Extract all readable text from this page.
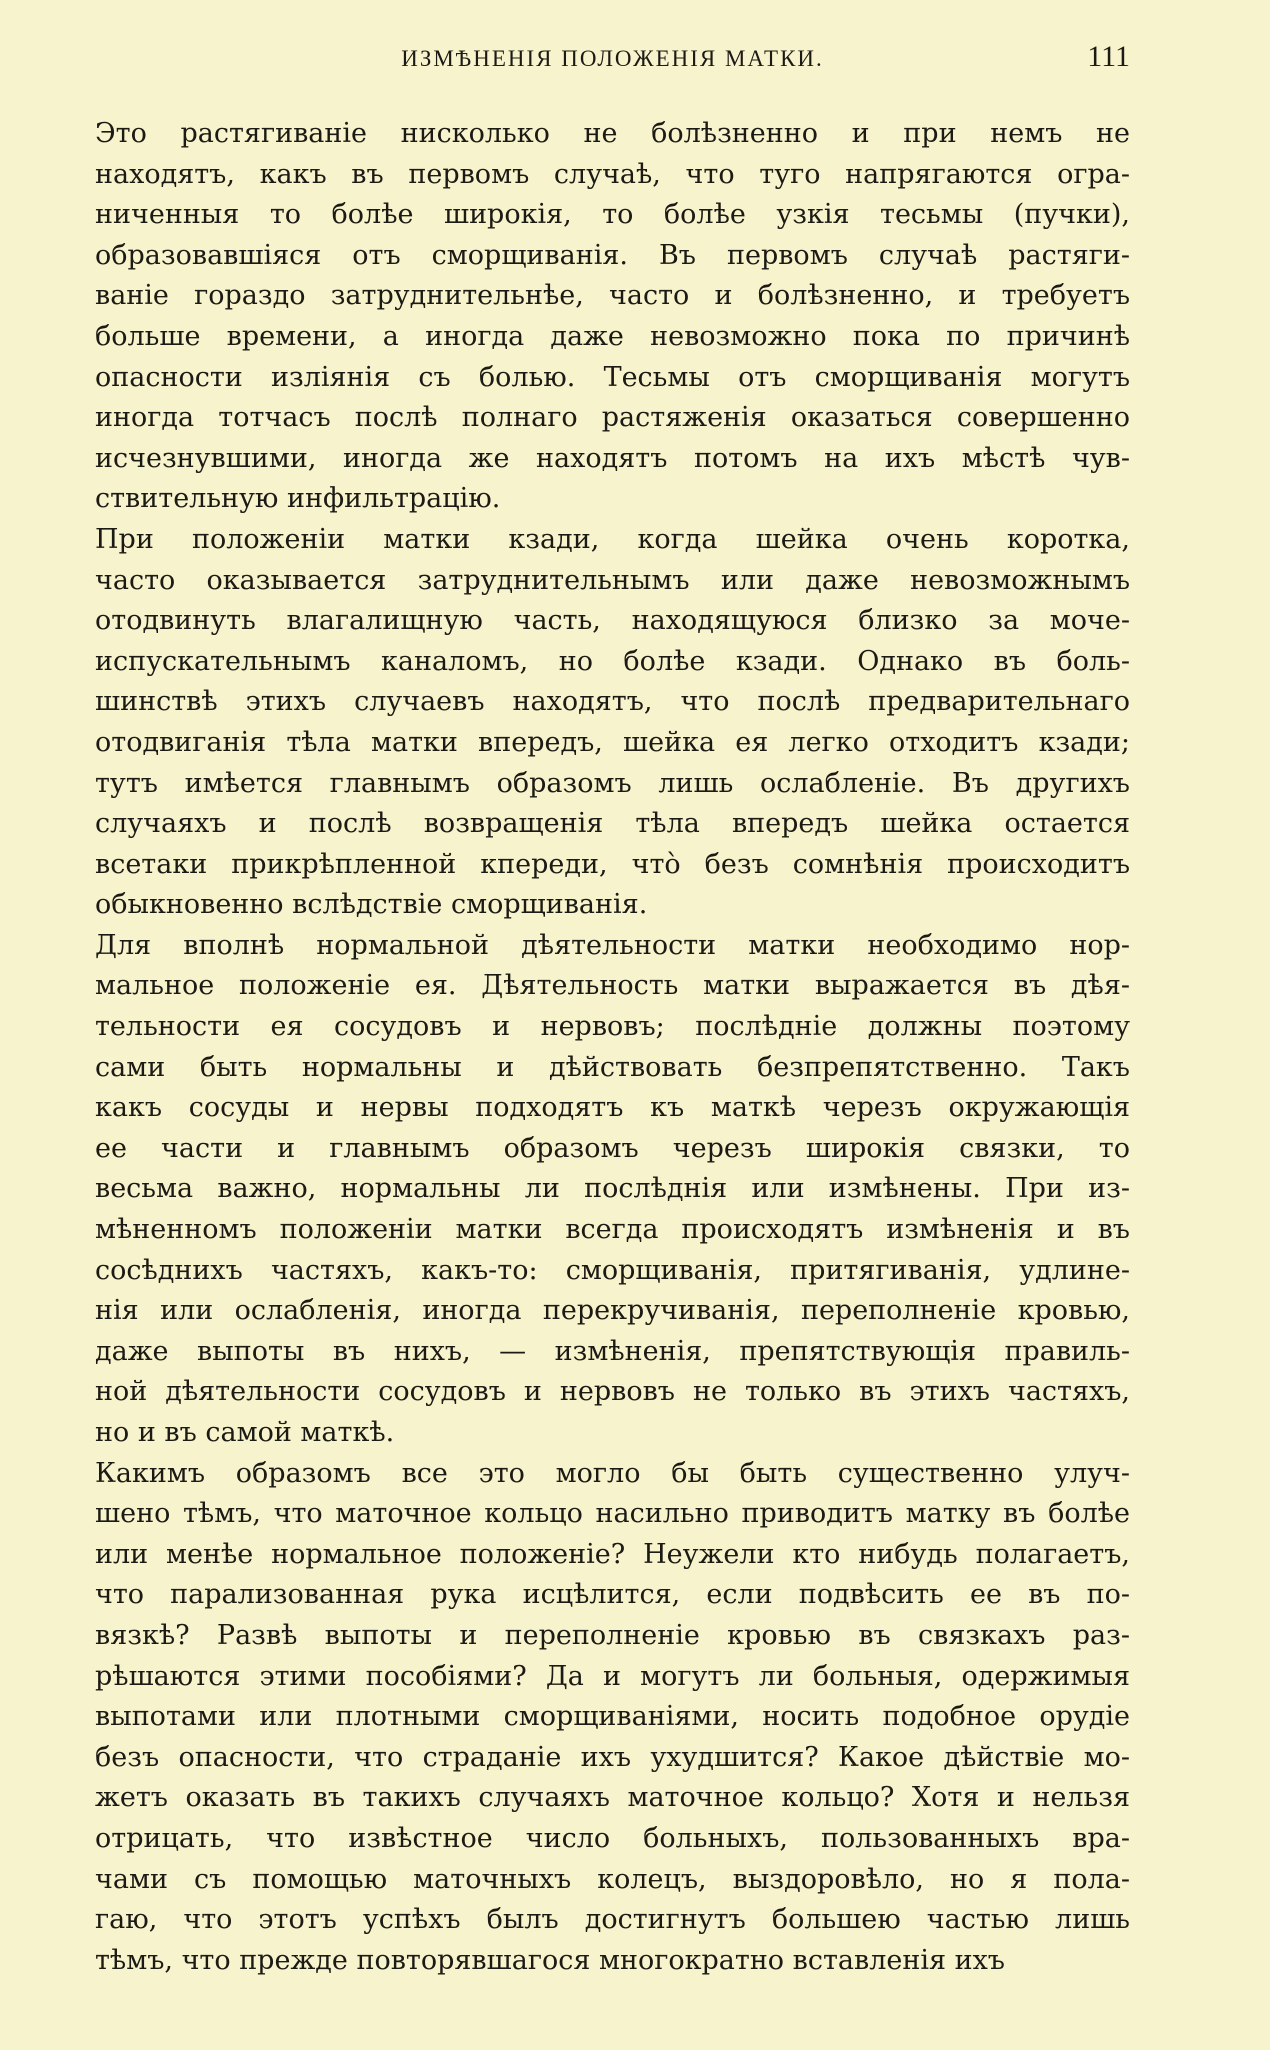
ИЗМѢНЕНІЯ ПОЛОЖЕНІЯ МАТКИ.	111
Это растягиваніе нисколько не болѣзненно и при немъ не
находятъ, какъ въ первомъ случаѣ, что туго напрягаются огра-
ниченныя то болѣе широкія, то болѣе узкія тесьмы (пучки),
образовавшіяся отъ сморщиванія. Въ первомъ случаѣ растяги-
ваніе гораздо затруднительнѣе, часто и болѣзненно, и требуетъ
больше времени, а иногда даже невозможно пока по причинѣ
опасности изліянія съ болью. Тесьмы отъ сморщиванія могутъ
иногда тотчасъ послѣ полнаго растяженія оказаться совершенно
исчезнувшими, иногда же находятъ потомъ на ихъ мѣстѣ чув-
ствительную инфильтрацію.
При положеніи матки кзади, когда шейка очень коротка,
часто оказывается затруднительнымъ или даже невозможнымъ
отодвинуть влагалищную часть, находящуюся близко за моче-
испускательнымъ каналомъ, но болѣе кзади. Однако въ боль-
шинствѣ этихъ случаевъ находятъ, что послѣ предварительнаго
отодвиганія тѣла матки впередъ, шейка ея легко отходитъ кзади;
тутъ имѣется главнымъ образомъ лишь ослабленіе. Въ другихъ
случаяхъ и послѣ возвращенія тѣла впередъ шейка остается
всетаки прикрѣпленной кпереди, что̀ безъ сомнѣнія происходитъ
обыкновенно вслѣдствіе сморщиванія.
Для вполнѣ нормальной дѣятельности матки необходимо нор-
мальное положеніе ея. Дѣятельность матки выражается въ дѣя-
тельности ея сосудовъ и нервовъ; послѣдніе должны поэтому
сами быть нормальны и дѣйствовать безпрепятственно. Такъ
какъ сосуды и нервы подходятъ къ маткѣ черезъ окружающія
ее части и главнымъ образомъ черезъ широкія связки, то
весьма важно, нормальны ли послѣднія или измѣнены. При из-
мѣненномъ положеніи матки всегда происходятъ измѣненія и въ
сосѣднихъ частяхъ, какъ-то: сморщиванія, притягиванія, удлине-
нія или ослабленія, иногда перекручиванія, переполненіе кровью,
даже выпоты въ нихъ, — измѣненія, препятствующія правиль-
ной дѣятельности сосудовъ и нервовъ не только въ этихъ частяхъ,
но и въ самой маткѣ.
Какимъ образомъ все это могло бы быть существенно улуч-
шено тѣмъ, что маточное кольцо насильно приводитъ матку въ болѣе
или менѣе нормальное положеніе? Неужели кто нибудь полагаетъ,
что парализованная рука исцѣлится, если подвѣсить ее въ по-
вязкѣ? Развѣ выпоты и переполненіе кровью въ связкахъ раз-
рѣшаются этими пособіями? Да и могутъ ли больныя, одержимыя
выпотами или плотными сморщиваніями, носить подобное орудіе
безъ опасности, что страданіе ихъ ухудшится? Какое дѣйствіе мо-
жетъ оказать въ такихъ случаяхъ маточное кольцо? Хотя и нельзя
отрицать, что извѣстное число больныхъ, пользованныхъ вра-
чами съ помощью маточныхъ колецъ, выздоровѣло, но я пола-
гаю, что этотъ успѣхъ былъ достигнутъ большею частью лишь
тѣмъ, что прежде повторявшагося многократно вставленія ихъ
